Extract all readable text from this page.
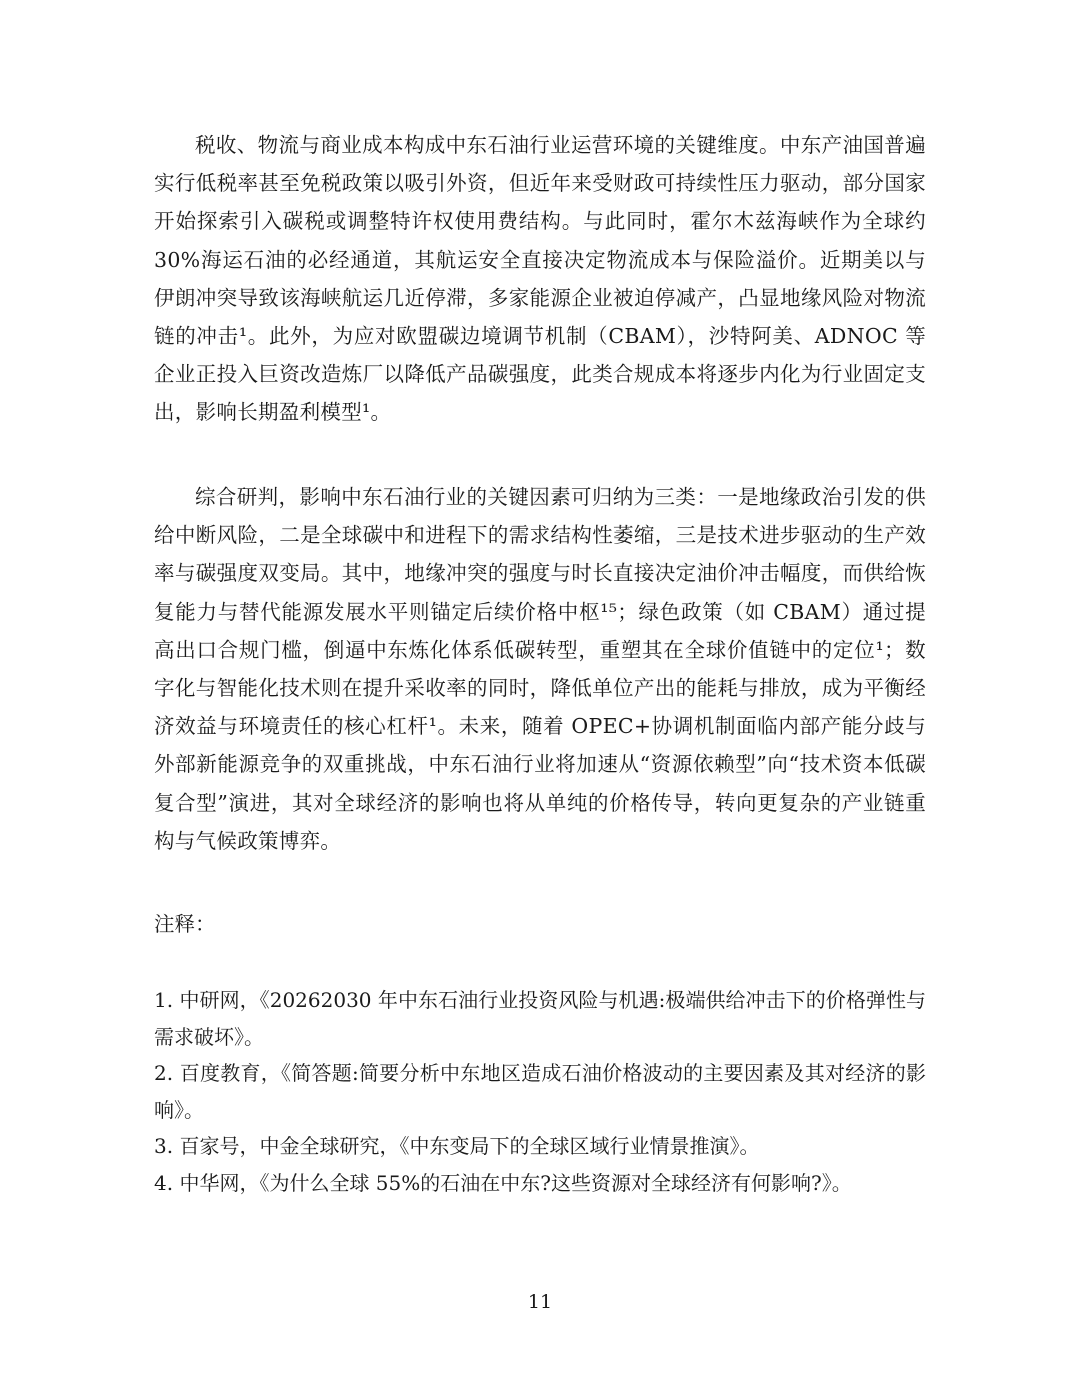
税收、物流与商业成本构成中东石油行业运营环境的关键维度。中东产油国普遍实行低税率甚至免税政策以吸引外资，但近年来受财政可持续性压力驱动，部分国家开始探索引入碳税或调整特许权使用费结构。与此同时，霍尔木兹海峡作为全球约 30%海运石油的必经通道，其航运安全直接决定物流成本与保险溢价。近期美以与伊朗冲突导致该海峡航运几近停滞，多家能源企业被迫停减产，凸显地缘风险对物流链的冲击¹。此外，为应对欧盟碳边境调节机制（CBAM），沙特阿美、ADNOC 等企业正投入巨资改造炼厂以降低产品碳强度，此类合规成本将逐步内化为行业固定支出，影响长期盈利模型¹。

综合研判，影响中东石油行业的关键因素可归纳为三类：一是地缘政治引发的供给中断风险，二是全球碳中和进程下的需求结构性萎缩，三是技术进步驱动的生产效率与碳强度双变局。其中，地缘冲突的强度与时长直接决定油价冲击幅度，而供给恢复能力与替代能源发展水平则锚定后续价格中枢¹⁵；绿色政策（如 CBAM）通过提高出口合规门槛，倒逼中东炼化体系低碳转型，重塑其在全球价值链中的定位¹；数字化与智能化技术则在提升采收率的同时，降低单位产出的能耗与排放，成为平衡经济效益与环境责任的核心杠杆¹。未来，随着 OPEC+协调机制面临内部产能分歧与外部新能源竞争的双重挑战，中东石油行业将加速从“资源依赖型”向“技术资本低碳复合型”演进，其对全球经济的影响也将从单纯的价格传导，转向更复杂的产业链重构与气候政策博弈。

注释：

1. 中研网，《20262030 年中东石油行业投资风险与机遇:极端供给冲击下的价格弹性与需求破坏》。
2. 百度教育，《简答题:简要分析中东地区造成石油价格波动的主要因素及其对经济的影响》。
3. 百家号，中金全球研究，《中东变局下的全球区域行业情景推演》。
4. 中华网，《为什么全球 55%的石油在中东?这些资源对全球经济有何影响?》。
11
